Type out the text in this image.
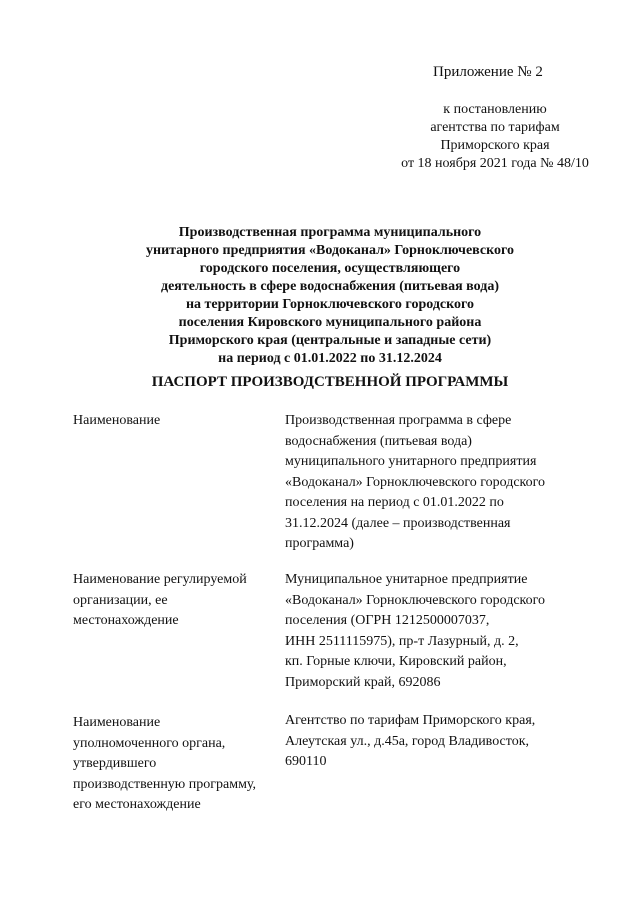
Приложение № 2
к постановлению
агентства по тарифам
Приморского края
от 18 ноября 2021 года № 48/10
Производственная программа муниципального
унитарного предприятия «Водоканал» Горноключевского
городского поселения, осуществляющего
деятельность в сфере водоснабжения (питьевая вода)
на территории Горноключевского городского
поселения Кировского муниципального района
Приморского края (центральные и западные сети)
на период с 01.01.2022 по 31.12.2024
ПАСПОРТ ПРОИЗВОДСТВЕННОЙ ПРОГРАММЫ
Наименование	Производственная программа в сфере
водоснабжения (питьевая вода)
муниципального унитарного предприятия
«Водоканал» Горноключевского городского
поселения на период с 01.01.2022 по
31.12.2024 (далее – производственная
программа)
Наименование регулируемой
организации, ее
местонахождение
Муниципальное унитарное предприятие
«Водоканал» Горноключевского городского
поселения (ОГРН 1212500007037,
ИНН 2511115975), пр-т Лазурный, д. 2,
кп. Горные ключи, Кировский район,
Приморский край, 692086
Наименование
уполномоченного органа,
утвердившего
производственную программу,
его местонахождение
Агентство по тарифам Приморского края,
Алеутская ул., д.45а, город Владивосток,
690110
